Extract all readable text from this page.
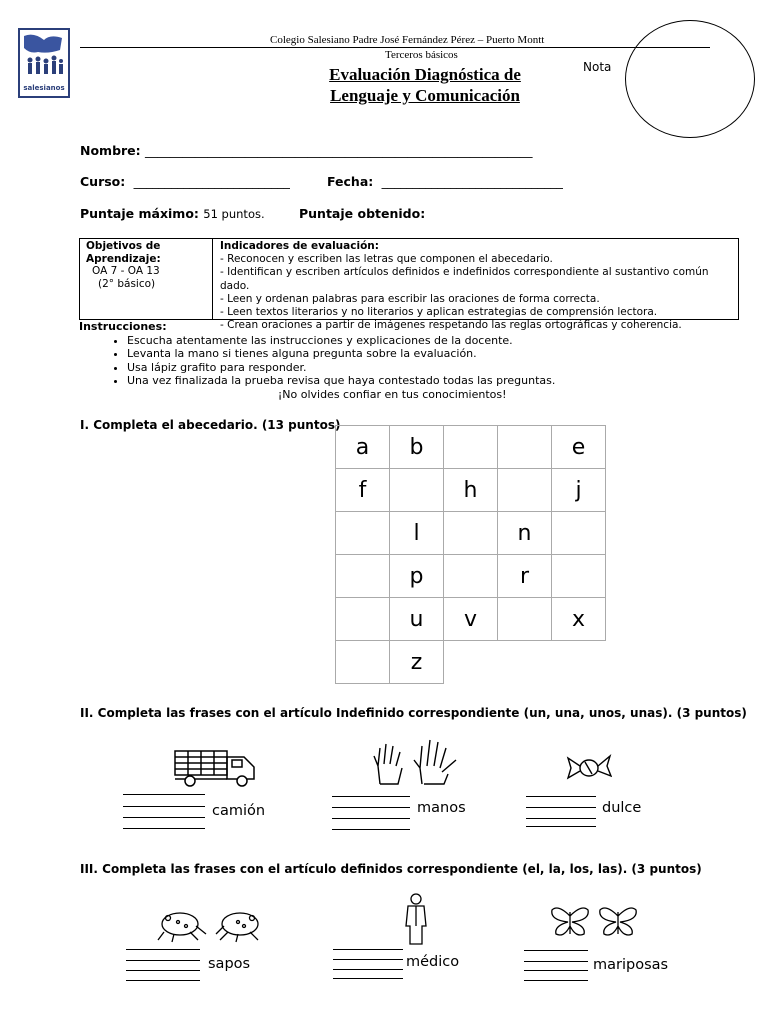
salesianos
Colegio Salesiano Padre José Fernández Pérez – Puerto Montt
Terceros básicos
Evaluación Diagnóstica de
Lenguaje y Comunicación
Nota
Nombre: ______________________________________________________________
Curso:  _________________________	Fecha:  _____________________________
Puntaje máximo: 51 puntos.	Puntaje obtenido:
Objetivos de Aprendizaje:
OA 7 - OA 13
(2° básico)
Indicadores de evaluación:
- Reconocen y escriben las letras que componen el abecedario.
- Identifican y escriben artículos definidos e indefinidos correspondiente al sustantivo común dado.
- Leen y ordenan palabras para escribir las oraciones de forma correcta.
- Leen textos literarios y no literarios y aplican estrategias de comprensión lectora.
- Crean oraciones a partir de imágenes respetando las reglas ortográficas y coherencia.
Instrucciones:
• Escucha atentamente las instrucciones y explicaciones de la docente.
• Levanta la mano si tienes alguna pregunta sobre la evaluación.
• Usa lápiz grafito para responder.
• Una vez finalizada la prueba revisa que haya contestado todas las preguntas.
¡No olvides confiar en tus conocimientos!
I. Completa el abecedario. (13 puntos)
a	b			e
f		h		j
	l		n	
	p		r	
	u	v		x
	z			
II. Completa las frases con el artículo Indefinido correspondiente (un, una, unos, unas). (3 puntos)
camión	manos	dulce
III. Completa las frases con el artículo definidos correspondiente (el, la, los, las). (3 puntos)
sapos	médico	mariposas
